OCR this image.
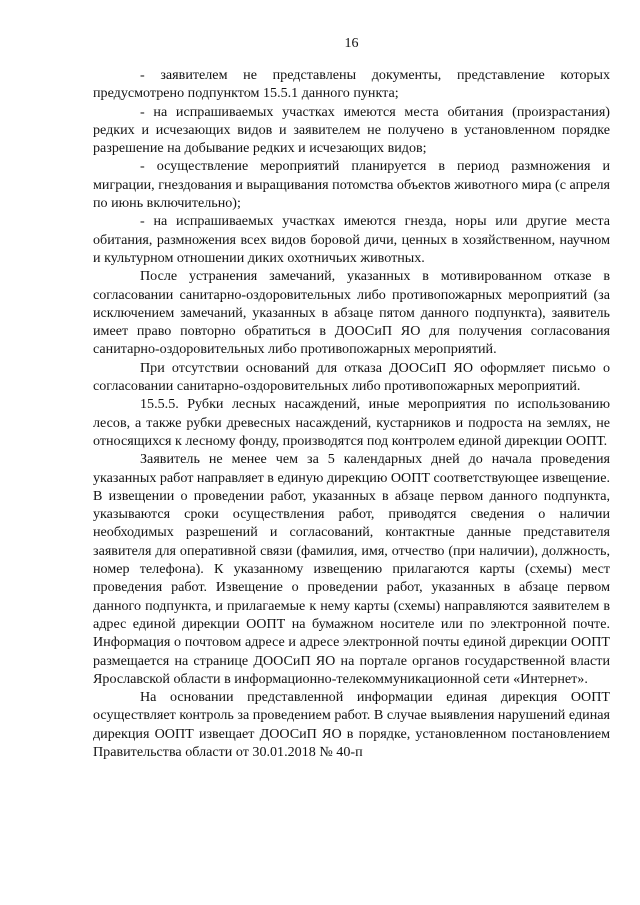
16

- заявителем не представлены документы, представление которых предусмотрено подпунктом 15.5.1 данного пункта;

- на испрашиваемых участках имеются места обитания (произрастания) редких и исчезающих видов и заявителем не получено в установленном порядке разрешение на добывание редких и исчезающих видов;

- осуществление мероприятий планируется в период размножения и миграции, гнездования и выращивания потомства объектов животного мира (с апреля по июнь включительно);

- на испрашиваемых участках имеются гнезда, норы или другие места обитания, размножения всех видов боровой дичи, ценных в хозяйственном, научном и культурном отношении диких охотничьих животных.

После устранения замечаний, указанных в мотивированном отказе в согласовании санитарно-оздоровительных либо противопожарных мероприятий (за исключением замечаний, указанных в абзаце пятом данного подпункта), заявитель имеет право повторно обратиться в ДООСиП ЯО для получения согласования санитарно-оздоровительных либо противопожарных мероприятий.

При отсутствии оснований для отказа ДООСиП ЯО оформляет письмо о согласовании санитарно-оздоровительных либо противопожарных мероприятий.

15.5.5. Рубки лесных насаждений, иные мероприятия по использованию лесов, а также рубки древесных насаждений, кустарников и подроста на землях, не относящихся к лесному фонду, производятся под контролем единой дирекции ООПТ.

Заявитель не менее чем за 5 календарных дней до начала проведения указанных работ направляет в единую дирекцию ООПТ соответствующее извещение. В извещении о проведении работ, указанных в абзаце первом данного подпункта, указываются сроки осуществления работ, приводятся сведения о наличии необходимых разрешений и согласований, контактные данные представителя заявителя для оперативной связи (фамилия, имя, отчество (при наличии), должность, номер телефона). К указанному извещению прилагаются карты (схемы) мест проведения работ. Извещение о проведении работ, указанных в абзаце первом данного подпункта, и прилагаемые к нему карты (схемы) направляются заявителем в адрес единой дирекции ООПТ на бумажном носителе или по электронной почте. Информация о почтовом адресе и адресе электронной почты единой дирекции ООПТ размещается на странице ДООСиП ЯО на портале органов государственной власти Ярославской области в информационно-телекоммуникационной сети «Интернет».

На основании представленной информации единая дирекция ООПТ осуществляет контроль за проведением работ. В случае выявления нарушений единая дирекция ООПТ извещает ДООСиП ЯО в порядке, установленном постановлением Правительства области от 30.01.2018 № 40-п
